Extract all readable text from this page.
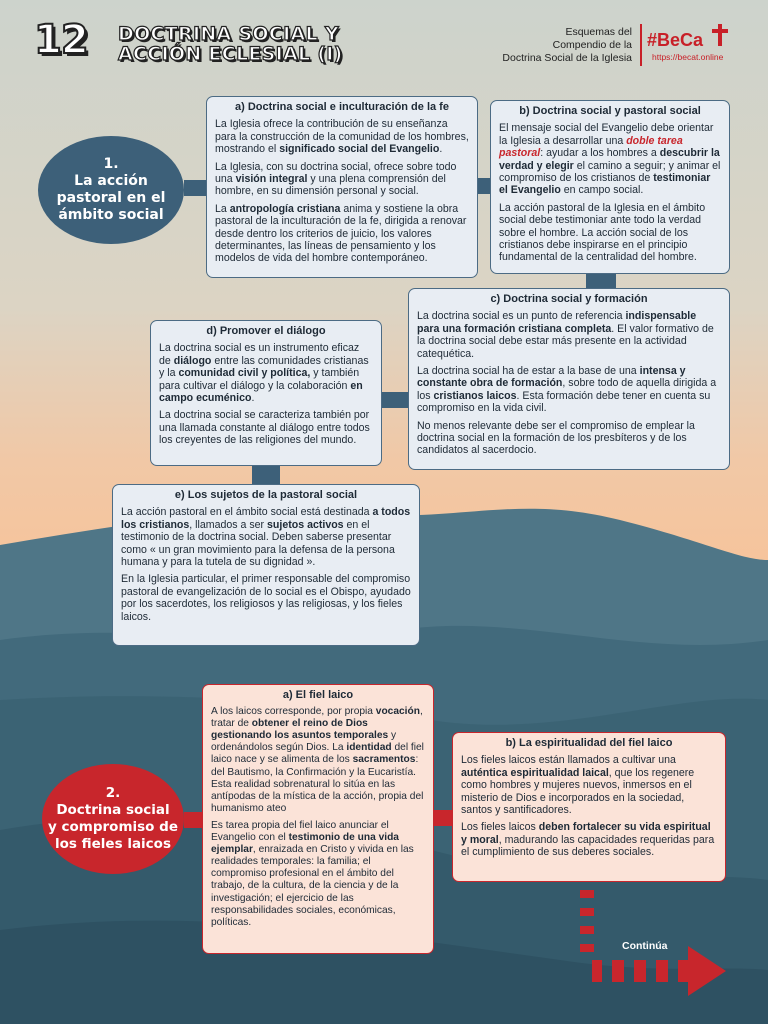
12 DOCTRINA SOCIAL Y
ACCIÓN ECLESIAL (I)
Esquemas del
Compendio de la
Doctrina Social de la Iglesia
#BeCa
https://becat.online
1.
La acción
pastoral en el
ámbito social
a) Doctrina social e inculturación de la fe

La Iglesia ofrece la contribución de su enseñanza para la construcción de la comunidad de los hombres, mostrando el significado social del Evangelio.

La Iglesia, con su doctrina social, ofrece sobre todo una visión integral y una plena comprensión del hombre, en su dimensión personal y social.

La antropología cristiana anima y sostiene la obra pastoral de la inculturación de la fe, dirigida a renovar desde dentro los criterios de juicio, los valores determinantes, las líneas de pensamiento y los modelos de vida del hombre contemporáneo.

b) Doctrina social y pastoral social

El mensaje social del Evangelio debe orientar la Iglesia a desarrollar una doble tarea pastoral: ayudar a los hombres a descubrir la verdad y elegir el camino a seguir; y animar el compromiso de los cristianos de testimoniar el Evangelio en campo social.

La acción pastoral de la Iglesia en el ámbito social debe testimoniar ante todo la verdad sobre el hombre. La acción social de los cristianos debe inspirarse en el principio fundamental de la centralidad del hombre.

c) Doctrina social y formación

La doctrina social es un punto de referencia indispensable para una formación cristiana completa. El valor formativo de la doctrina social debe estar más presente en la actividad catequética.

La doctrina social ha de estar a la base de una intensa y constante obra de formación, sobre todo de aquella dirigida a los cristianos laicos. Esta formación debe tener en cuenta su compromiso en la vida civil.

No menos relevante debe ser el compromiso de emplear la doctrina social en la formación de los presbíteros y de los candidatos al sacerdocio.

d) Promover el diálogo

La doctrina social es un instrumento eficaz de diálogo entre las comunidades cristianas y la comunidad civil y política, y también para cultivar el diálogo y la colaboración en campo ecuménico.

La doctrina social se caracteriza también por una llamada constante al diálogo entre todos los creyentes de las religiones del mundo.

e) Los sujetos de la pastoral social

La acción pastoral en el ámbito social está destinada a todos los cristianos, llamados a ser sujetos activos en el testimonio de la doctrina social. Deben saberse presentar como « un gran movimiento para la defensa de la persona humana y para la tutela de su dignidad ».

En la Iglesia particular, el primer responsable del compromiso pastoral de evangelización de lo social es el Obispo, ayudado por los sacerdotes, los religiosos y las religiosas, y los fieles laicos.

2.
Doctrina social
y compromiso de
los fieles laicos
a) El fiel laico

A los laicos corresponde, por propia vocación, tratar de obtener el reino de Dios gestionando los asuntos temporales y ordenándolos según Dios. La identidad del fiel laico nace y se alimenta de los sacramentos: del Bautismo, la Confirmación y la Eucaristía. Esta realidad sobrenatural lo sitúa en las antípodas de la mística de la acción, propia del humanismo ateo

Es tarea propia del fiel laico anunciar el Evangelio con el testimonio de una vida ejemplar, enraizada en Cristo y vivida en las realidades temporales: la familia; el compromiso profesional en el ámbito del trabajo, de la cultura, de la ciencia y de la investigación; el ejercicio de las responsabilidades sociales, económicas, políticas.

b) La espiritualidad del fiel laico

Los fieles laicos están llamados a cultivar una auténtica espiritualidad laical, que los regenere como hombres y mujeres nuevos, inmersos en el misterio de Dios e incorporados en la sociedad, santos y santificadores.

Los fieles laicos deben fortalecer su vida espiritual y moral, madurando las capacidades requeridas para el cumplimiento de sus deberes sociales.

Continúa
